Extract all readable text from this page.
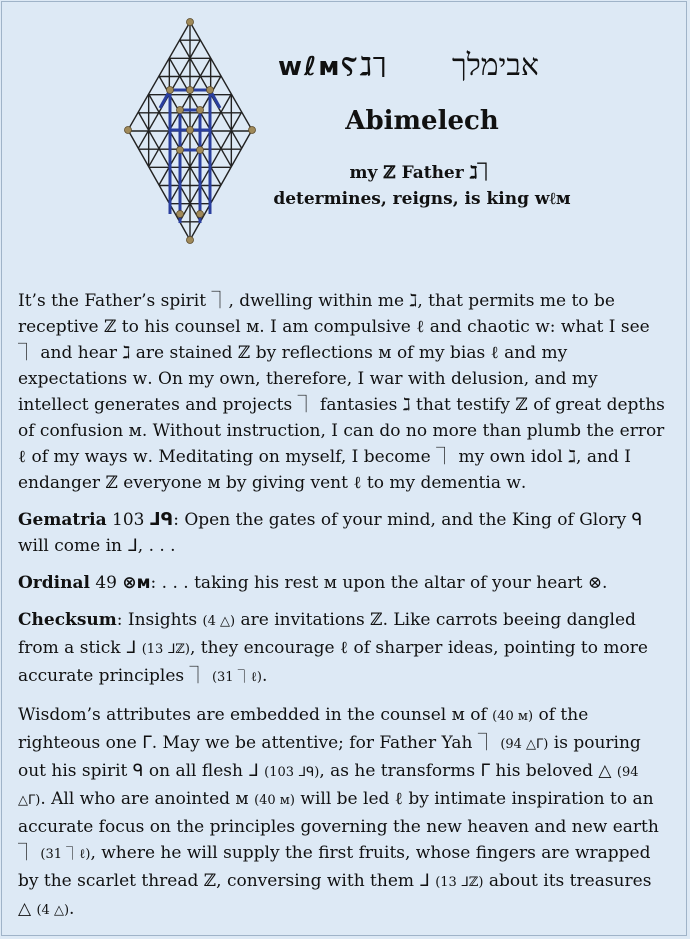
ᴡℓᴍⲊℷ⏋ אבימלך
Abimelech
my ℤ Father ℷ⏋
determines, reigns, is king ᴡℓᴍ

It’s the Father’s spirit ⏋, dwelling within me ℷ, that permits me to be receptive ℤ to his counsel ᴍ. I am compulsive ℓ and chaotic ᴡ: what I see ⏋ and hear ℷ are stained ℤ by reflections ᴍ of my bias ℓ and my expectations ᴡ. On my own, therefore, I war with delusion, and my intellect generates and projects ⏋ fantasies ℷ that testify ℤ of great depths of confusion ᴍ. Without instruction, I can do no more than plumb the error ℓ of my ways ᴡ. Meditating on myself, I become ⏋ my own idol ℷ, and I endanger ℤ everyone ᴍ by giving vent ℓ to my dementia ᴡ.

Gematria 103 ᒧᑫ: Open the gates of your mind, and the King of Glory ᑫ will come in ᒧ, . . .

Ordinal 49 ⊗ᴍ: . . . taking his rest ᴍ upon the altar of your heart ⊗.

Checksum: Insights (4 △) are invitations ℤ. Like carrots beeing dangled from a stick ᒧ (13 ᒧℤ), they encourage ℓ of sharper ideas, pointing to more accurate principles ⏋ (31 ⏋ℓ).

Wisdom’s attributes are embedded in the counsel ᴍ of (40 ᴍ) of the righteous one ᒥ. May we be attentive; for Father Yah ⏋ (94 △ᒥ) is pouring out his spirit ᑫ on all flesh ᒧ (103 ᒧᑫ), as he transforms ᒥ his beloved △ (94 △ᒥ). All who are anointed ᴍ (40 ᴍ) will be led ℓ by intimate inspiration to an accurate focus on the principles governing the new heaven and new earth ⏋ (31 ⏋ℓ), where he will supply the first fruits, whose fingers are wrapped by the scarlet thread ℤ, conversing with them ᒧ (13 ᒧℤ) about its treasures △ (4 △).
